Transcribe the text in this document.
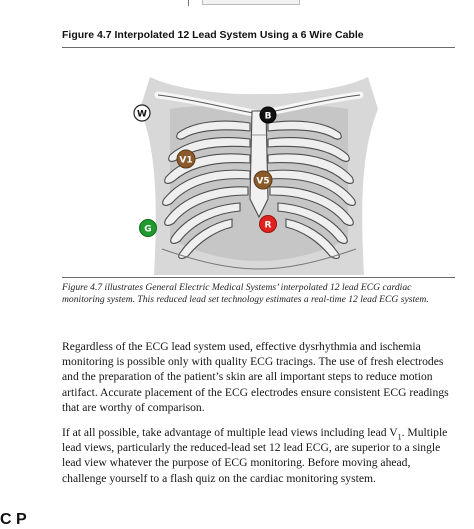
Figure 4.7 Interpolated 12 Lead System Using a 6 Wire Cable
W	B
V1
V5
G	R

Figure 4.7 illustrates General Electric Medical Systems’ interpolated 12 lead ECG cardiac monitoring system. This reduced lead set technology estimates a real-time 12 lead ECG system.

Regardless of the ECG lead system used, effective dysrhythmia and ischemia monitoring is possible only with quality ECG tracings. The use of fresh electrodes and the preparation of the patient’s skin are all important steps to reduce motion artifact. Accurate placement of the ECG electrodes ensure consistent ECG readings that are worthy of comparison.

If at all possible, take advantage of multiple lead views including lead $V_1$. Multiple lead views, particularly the reduced-lead set 12 lead ECG, are superior to a single lead view whatever the purpose of ECG monitoring. Before moving ahead, challenge yourself to a flash quiz on the cardiac monitoring system.

C P
